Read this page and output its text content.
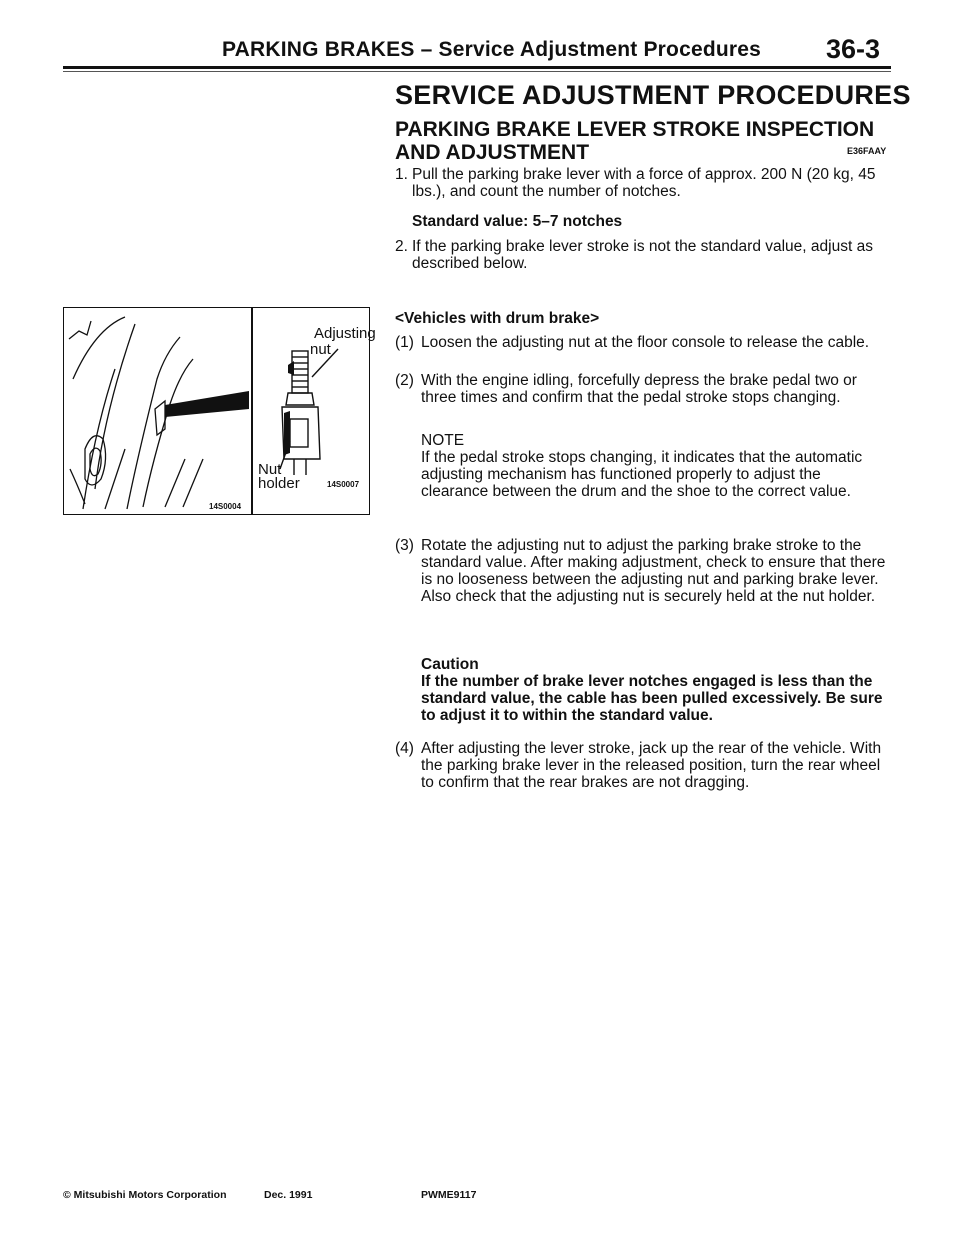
PARKING BRAKES – Service Adjustment Procedures 36-3
SERVICE ADJUSTMENT PROCEDURES
PARKING BRAKE LEVER STROKE INSPECTION
AND ADJUSTMENT	E36FAAY
1. Pull the parking brake lever with a force of approx. 200 N (20 kg, 45 lbs.), and count the number of notches.
Standard value: 5–7 notches
2. If the parking brake lever stroke is not the standard value, adjust as described below.
<Vehicles with drum brake>
(1) Loosen the adjusting nut at the floor console to release the cable.
(2) With the engine idling, forcefully depress the brake pedal two or three times and confirm that the pedal stroke stops changing.
NOTE
If the pedal stroke stops changing, it indicates that the automatic adjusting mechanism has functioned properly to adjust the clearance between the drum and the shoe to the correct value.
(3) Rotate the adjusting nut to adjust the parking brake stroke to the standard value. After making adjustment, check to ensure that there is no looseness between the adjusting nut and parking brake lever.
Also check that the adjusting nut is securely held at the nut holder.
Caution
If the number of brake lever notches engaged is less than the standard value, the cable has been pulled excessively. Be sure to adjust it to within the standard value.
(4) After adjusting the lever stroke, jack up the rear of the vehicle. With the parking brake lever in the released position, turn the rear wheel to confirm that the rear brakes are not dragging.
14S0004
Adjusting
nut
Nut
holder	14S0007
© Mitsubishi Motors Corporation	Dec. 1991	PWME9117
